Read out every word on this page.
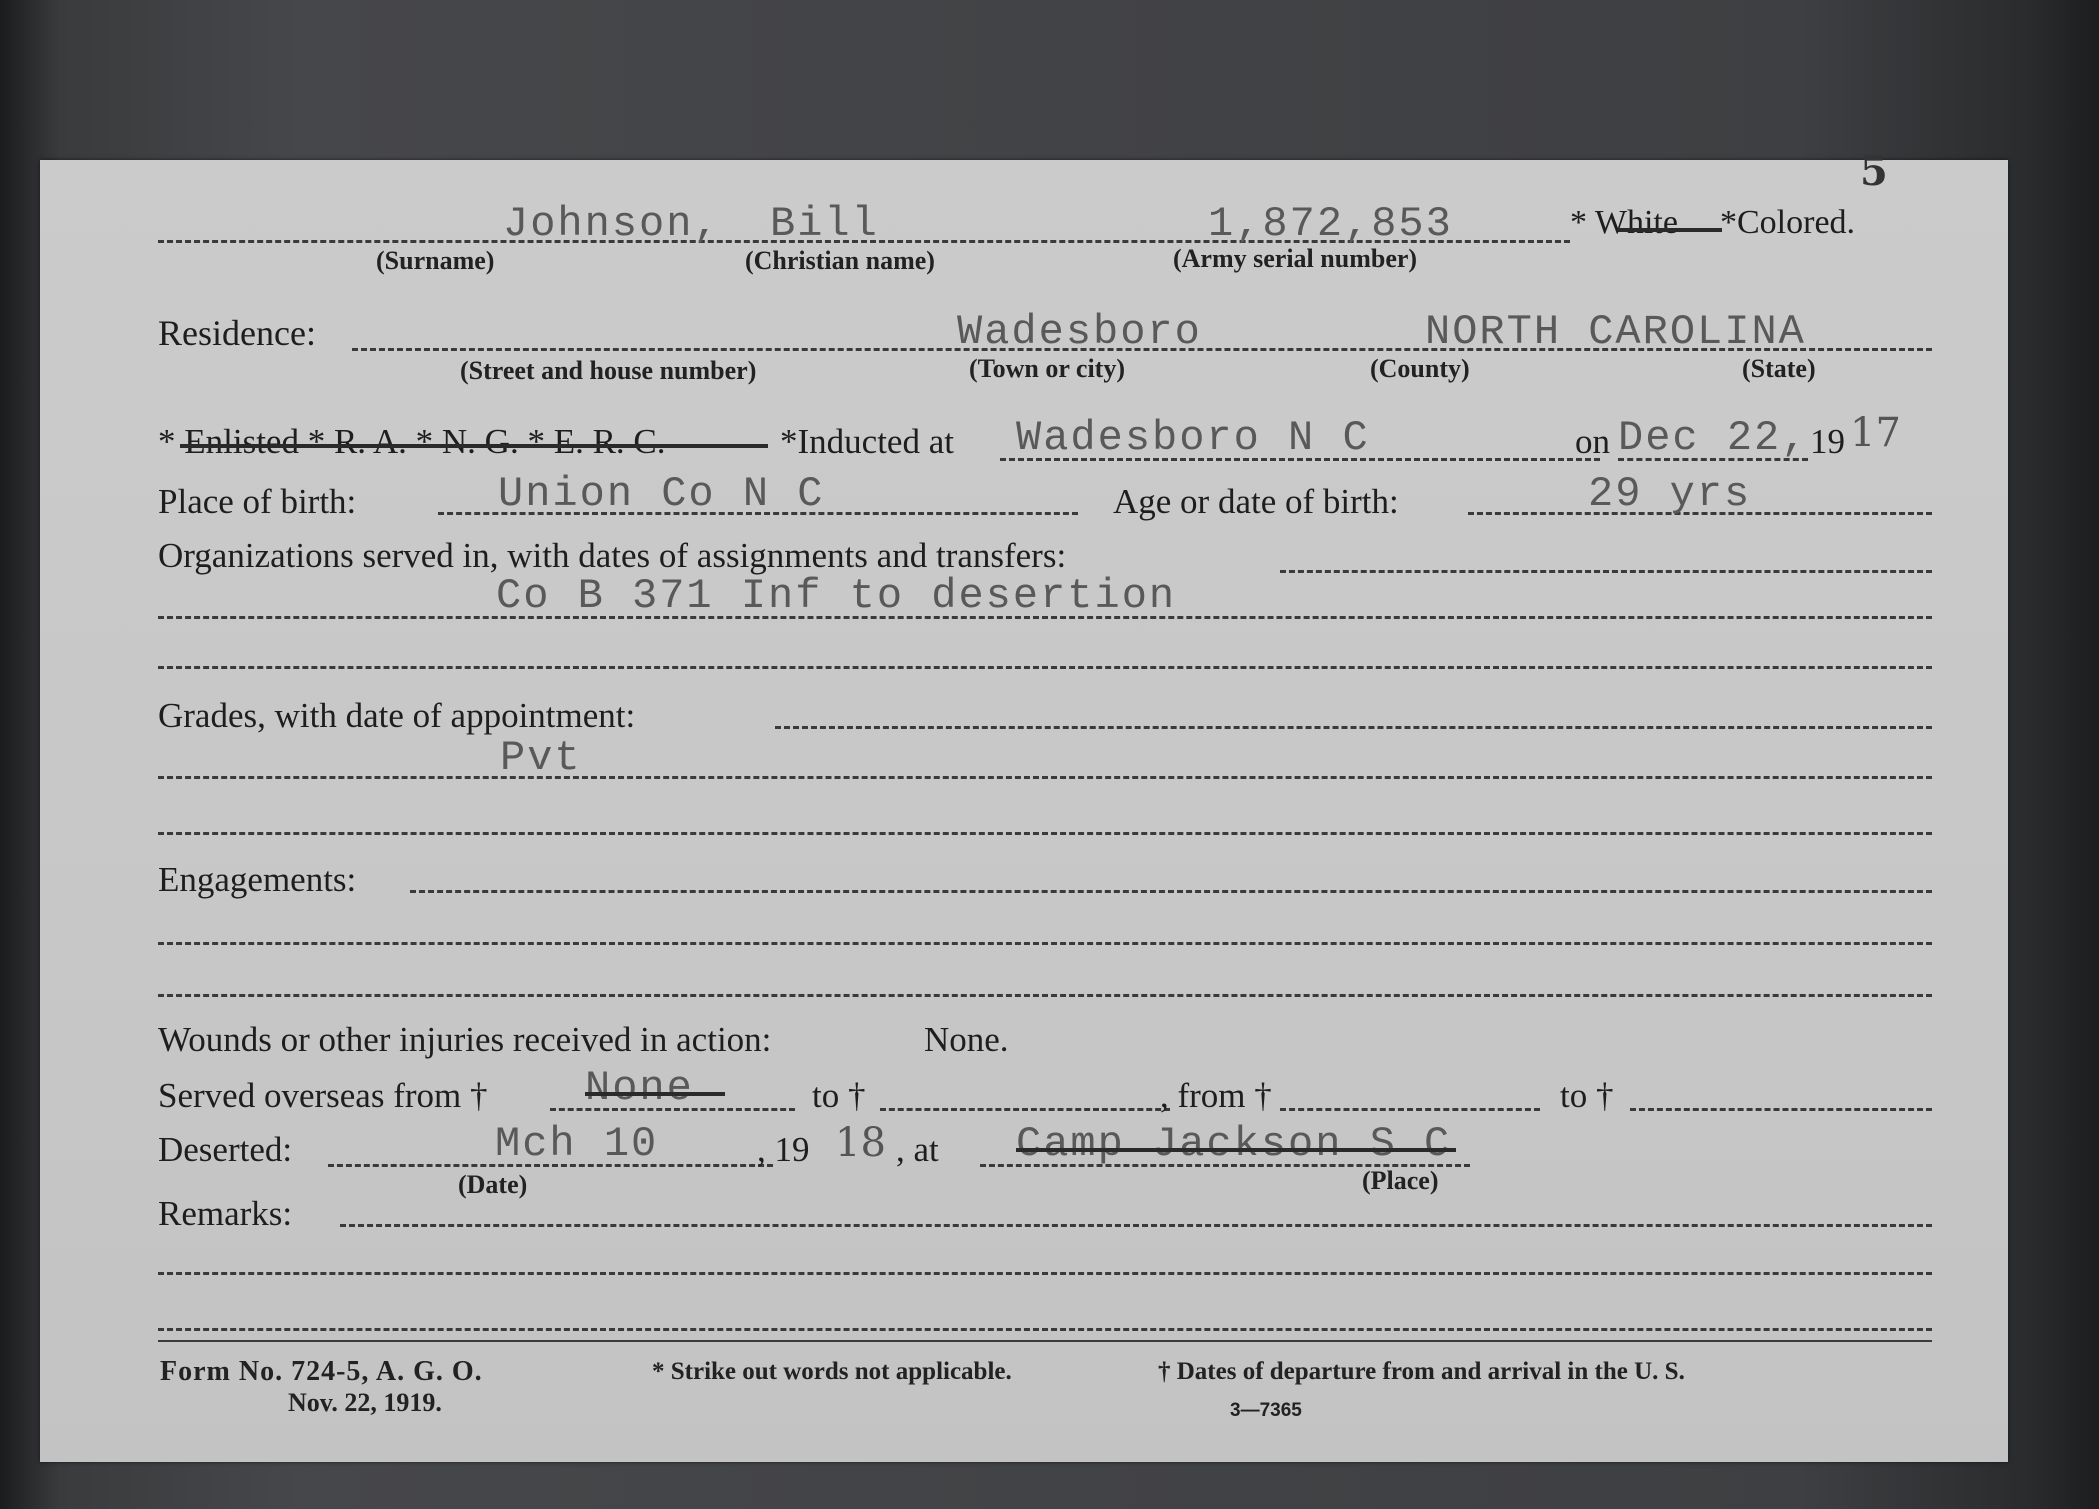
5
Johnson, Bill	1,872,853	* White *Colored.
(Surname)	(Christian name)	(Army serial number)
Residence:	Wadesboro	NORTH CAROLINA
(Street and house number)	(Town or city)	(County)	(State)
* Enlisted * R. A. * N. G. * E. R. C.	*Inducted at Wadesboro N C	on Dec 22, 19 17
Place of birth:	Union Co N C	Age or date of birth:	29 yrs
Organizations served in, with dates of assignments and transfers:
Co B 371 Inf to desertion
Grades, with date of appointment:
Pvt
Engagements:
Wounds or other injuries received in action:	None.
Served overseas from † None	to †	, from †	to †
Deserted:	Mch 10	, 19 18 , at Camp Jackson S C
(Date)	(Place)
Remarks:
Form No. 724-5, A. G. O.
Nov. 22, 1919.
* Strike out words not applicable.	† Dates of departure from and arrival in the U. S.
3—7365
